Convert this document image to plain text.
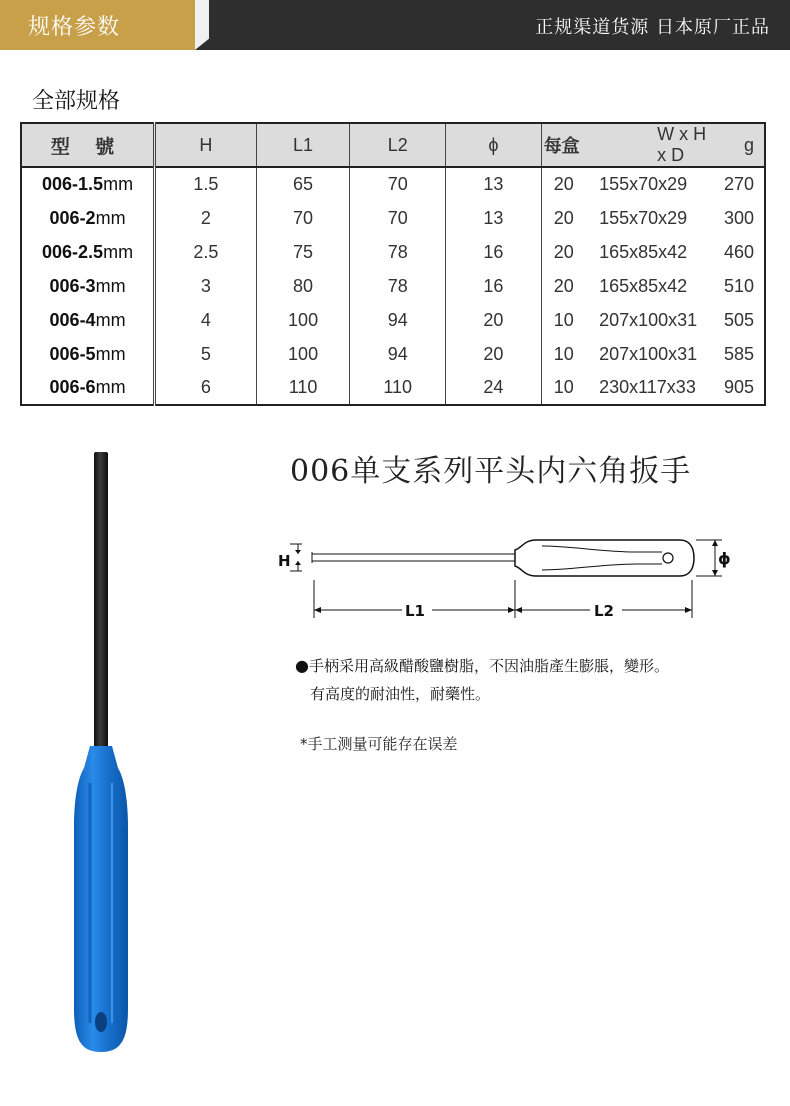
规格参数	正规渠道货源 日本原厂正品
全部规格
型 號	H	L1	L2	ϕ	每盒	W x H x D	g
006-1.5mm	1.5	65	70	13	20	155x70x29	270
006-2mm	2	70	70	13	20	155x70x29	300
006-2.5mm	2.5	75	78	16	20	165x85x42	460
006-3mm	3	80	78	16	20	165x85x42	510
006-4mm	4	100	94	20	10	207x100x31	505
006-5mm	5	100	94	20	10	207x100x31	585
006-6mm	6	110	110	24	10	230x117x33	905
006单支系列平头内六角扳手
H	ϕ
L1	L2
●手柄采用高級醋酸鹽樹脂，不因油脂產生膨脹，變形。
有高度的耐油性，耐藥性。
*手工测量可能存在误差
